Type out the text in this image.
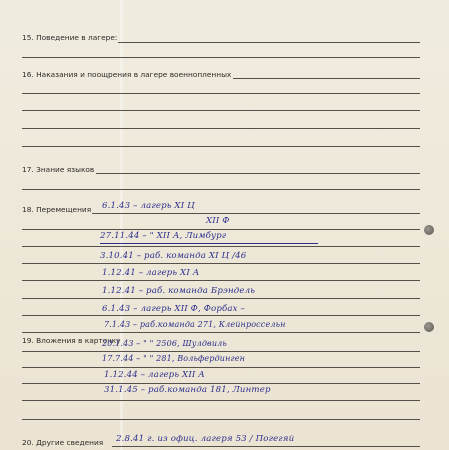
15. Поведение в лагере:
16. Наказания и поощрения в лагере военнопленных
17. Знание языков
18. Перемещения 6.1.43 – лагерь XI Ц
XII Ф
27.11.44 – " XII А, Лимбург
3.10.41 – раб. команда XI Ц /46
1.12.41 – лагерь XI А
1.12.41 – раб. команда Брэндель
6.1.43 – лагерь XII Ф, Форбах –
7.1.43 – раб.команда 271, Клейнроссельн
19. Вложения в карточку
20.1.43 – " " 2506, Шулдвиль
17.7.44 – " " 281, Вольфердинген
1.12.44 – лагерь XII А
31.1.45 – раб.команда 181, Линтер
20. Другие сведения 2.8.41 г. из офиц. лагеря 53 / Погегяй
